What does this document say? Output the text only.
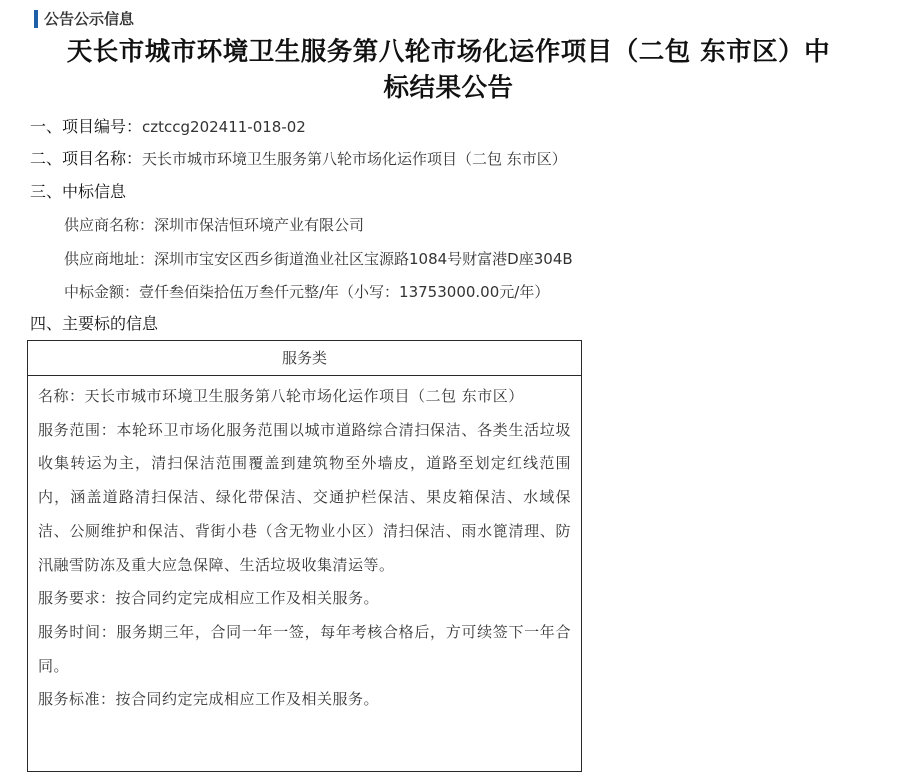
公告公示信息
天长市城市环境卫生服务第八轮市场化运作项目（二包 东市区）中
标结果公告
一、项目编号：cztccg202411-018-02
二、项目名称：天长市城市环境卫生服务第八轮市场化运作项目（二包 东市区）
三、中标信息
供应商名称：深圳市保洁恒环境产业有限公司
供应商地址：深圳市宝安区西乡街道渔业社区宝源路1084号财富港D座304B
中标金额：壹仟叁佰柒拾伍万叁仟元整/年（小写：13753000.00元/年）
四、主要标的信息
服务类

名称：天长市城市环境卫生服务第八轮市场化运作项目（二包 东市区）

服务范围：本轮环卫市场化服务范围以城市道路综合清扫保洁、各类生活垃圾收集转运为主，清扫保洁范围覆盖到建筑物至外墙皮，道路至划定红线范围内，涵盖道路清扫保洁、绿化带保洁、交通护栏保洁、果皮箱保洁、水域保洁、公厕维护和保洁、背街小巷（含无物业小区）清扫保洁、雨水篦清理、防汛融雪防冻及重大应急保障、生活垃圾收集清运等。

服务要求：按合同约定完成相应工作及相关服务。

服务时间：服务期三年，合同一年一签，每年考核合格后，方可续签下一年合同。

服务标准：按合同约定完成相应工作及相关服务。
